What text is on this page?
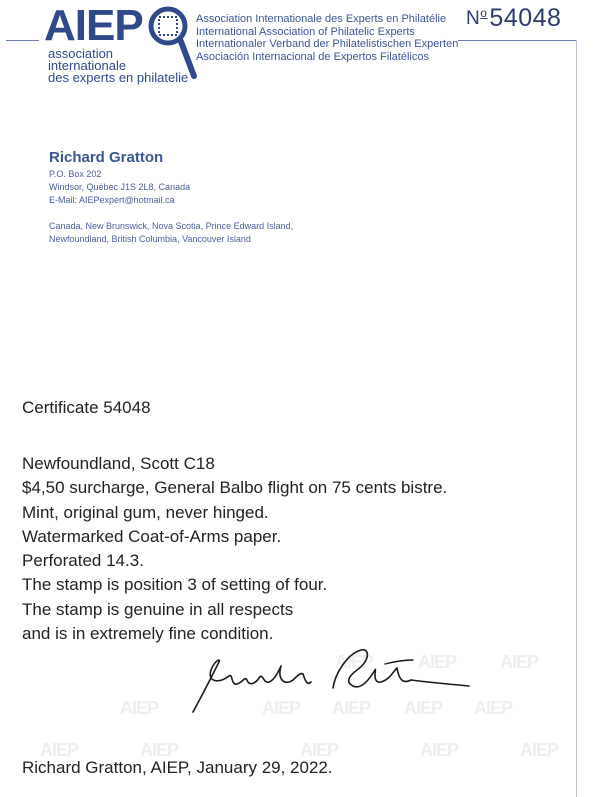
AIEP AIEP AIEP
AIEP	AIEP AIEP AIEP AIEP
AIEP	AIEP	AIEP	AIEP	AIEP
AIEP
association
internationale
des experts en philatelie
Association Internationale des Experts en Philatélie
International Association of Philatelic Experts
Internationaler Verband der Philatelistischen Experten
Asociación Internacional de Expertos Filatélicos
$N^o54048$
Richard Gratton
P.O. Box 202
Windsor, Québec J1S 2L8, Canada
E-Mail: AIEPexpert@hotmail.ca
Canada, New Brunswick, Nova Scotia, Prince Edward Island,
Newfoundland, British Columbia, Vancouver Island
Certificate 54048
Newfoundland, Scott C18
$4,50 surcharge, General Balbo flight on 75 cents bistre.
Mint, original gum, never hinged.
Watermarked Coat-of-Arms paper.
Perforated 14.3.
The stamp is position 3 of setting of four.
The stamp is genuine in all respects
and is in extremely fine condition.
Richard Gratton, AIEP, January 29, 2022.
